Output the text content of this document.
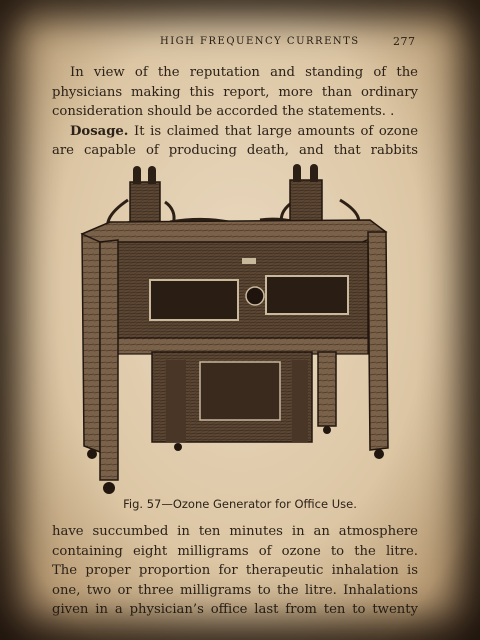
HIGH FREQUENCY CURRENTS	277
In view of the reputation and standing of the
physicians making this report, more than ordinary
consideration should be accorded the statements. .
Dosage. It is claimed that large amounts of ozone
are capable of producing death, and that rabbits
Fig. 57—Ozone Generator for Office Use.
have succumbed in ten minutes in an atmosphere
containing eight milligrams of ozone to the litre.
The proper proportion for therapeutic inhalation is
one, two or three milligrams to the litre. Inhalations
given in a physician’s office last from ten to twenty
